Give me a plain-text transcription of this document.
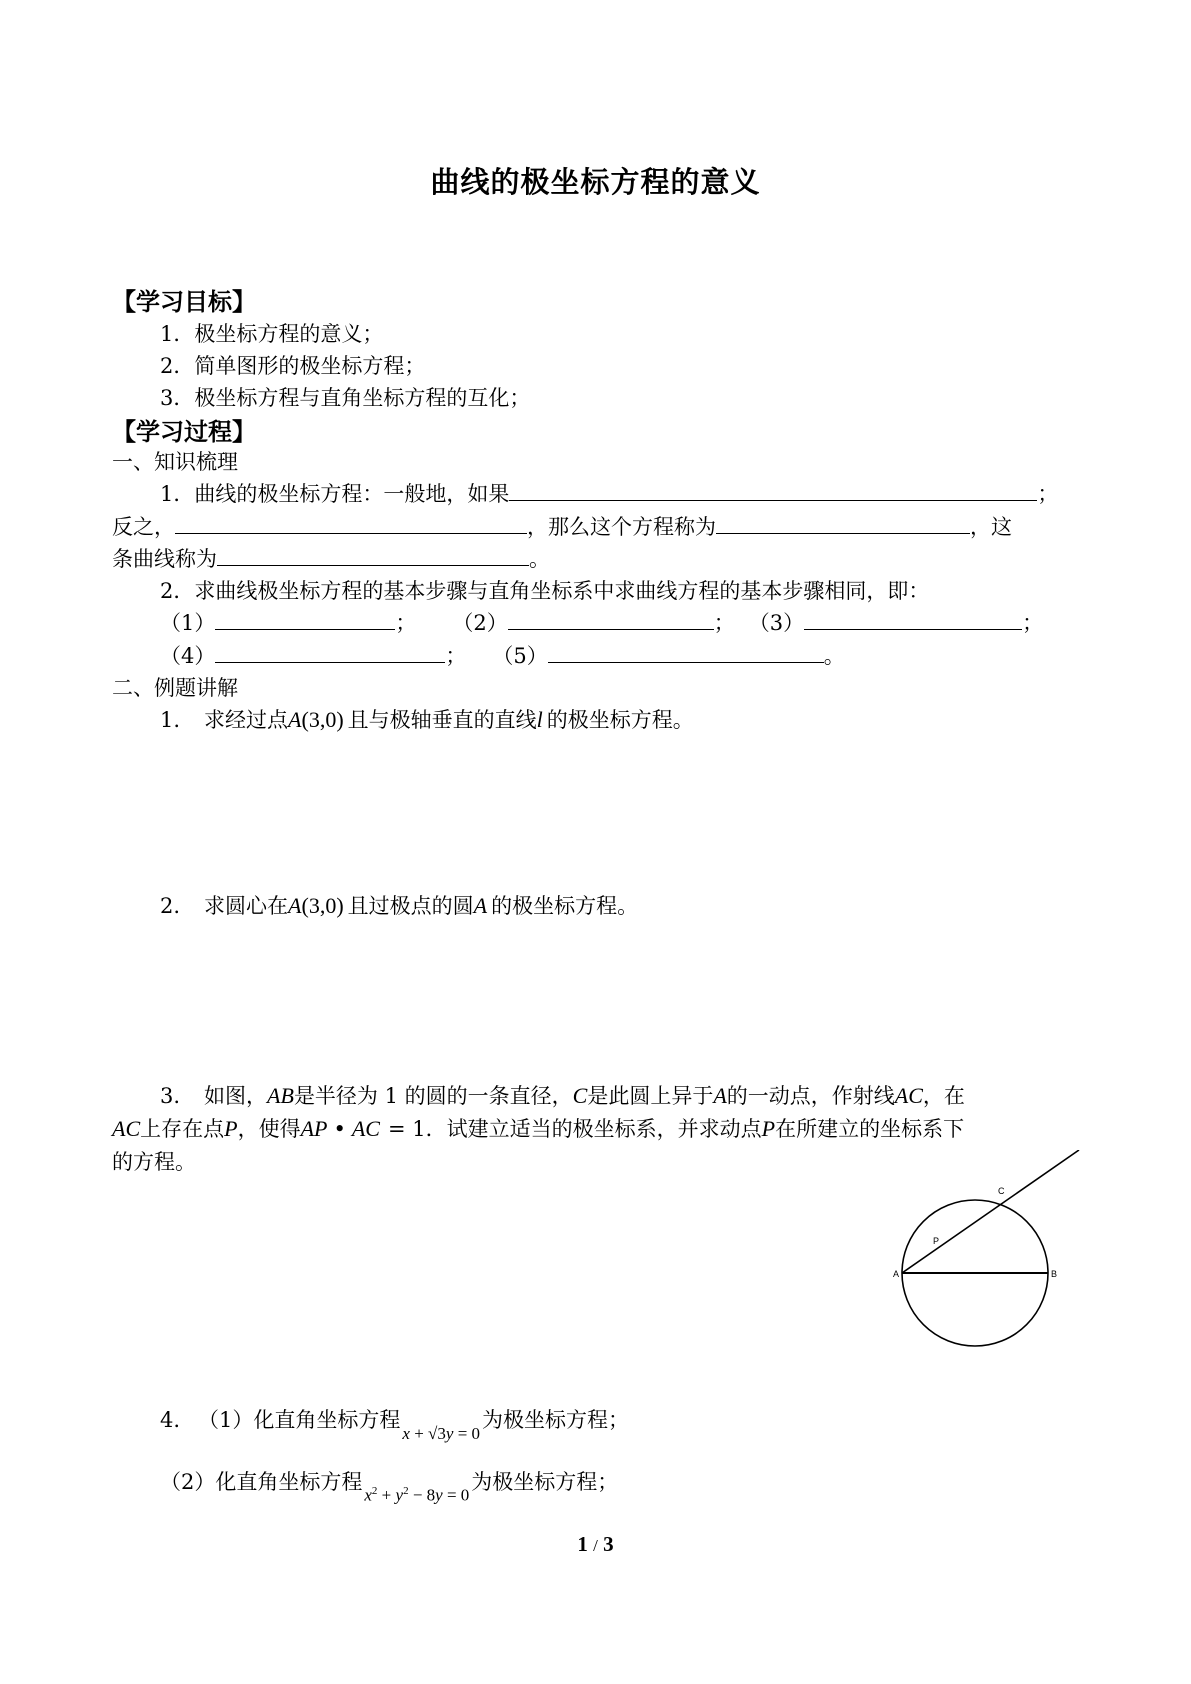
曲线的极坐标方程的意义
【学习目标】
1．极坐标方程的意义；
2．简单图形的极坐标方程；
3．极坐标方程与直角坐标方程的互化；
【学习过程】
一、知识梳理
1．曲线的极坐标方程：一般地，如果	；
反之，	，那么这个方程称为	，这
条曲线称为	。
2．求曲线极坐标方程的基本步骤与直角坐标系中求曲线方程的基本步骤相同，即：
（1）	； （2）	； （3）	；
（4）	； （5）	。
二、例题讲解
1. 求经过点A(3,0) 且与极轴垂直的直线l 的极坐标方程。
2. 求圆心在A(3,0) 且过极点的圆A 的极坐标方程。
3. 如图，AB是半径为 1 的圆的一条直径，C是此圆上异于A的一动点，作射线AC，在
AC上存在点P，使得AP • AC = 1．试建立适当的极坐标系，并求动点P在所建立的坐标系下
的方程。
A	B
C
P
4. （1）化直角坐标方程x + √3y = 0为极坐标方程；
（2）化直角坐标方程$x^2 + y^2 - 8y = 0$为极坐标方程；
1 / 3
